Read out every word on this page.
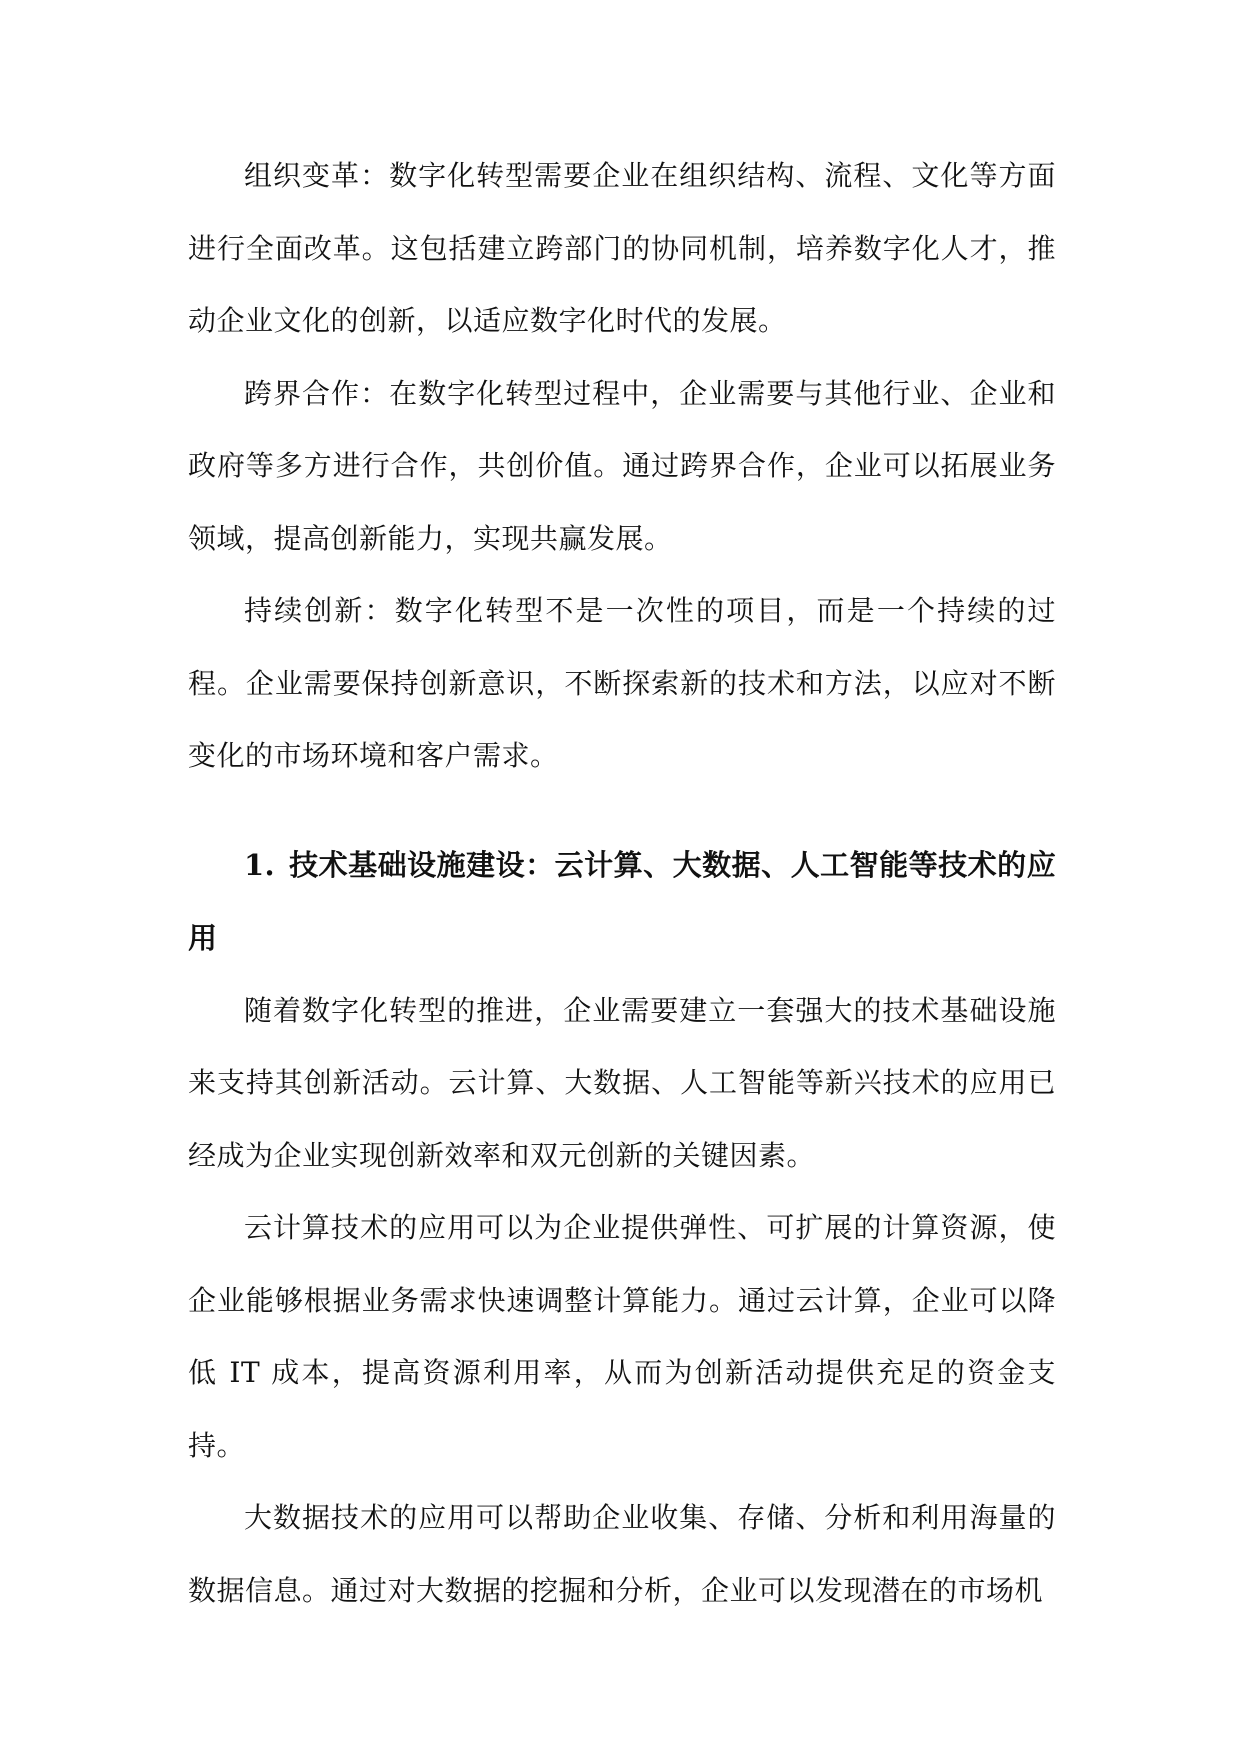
组织变革：数字化转型需要企业在组织结构、流程、文化等方面进行全面改革。这包括建立跨部门的协同机制，培养数字化人才，推动企业文化的创新，以适应数字化时代的发展。

跨界合作：在数字化转型过程中，企业需要与其他行业、企业和政府等多方进行合作，共创价值。通过跨界合作，企业可以拓展业务领域，提高创新能力，实现共赢发展。

持续创新：数字化转型不是一次性的项目，而是一个持续的过程。企业需要保持创新意识，不断探索新的技术和方法，以应对不断变化的市场环境和客户需求。

1. 技术基础设施建设：云计算、大数据、人工智能等技术的应用

随着数字化转型的推进，企业需要建立一套强大的技术基础设施来支持其创新活动。云计算、大数据、人工智能等新兴技术的应用已经成为企业实现创新效率和双元创新的关键因素。

云计算技术的应用可以为企业提供弹性、可扩展的计算资源，使企业能够根据业务需求快速调整计算能力。通过云计算，企业可以降低 IT 成本，提高资源利用率，从而为创新活动提供充足的资金支持。

大数据技术的应用可以帮助企业收集、存储、分析和利用海量的数据信息。通过对大数据的挖掘和分析，企业可以发现潜在的市场机
